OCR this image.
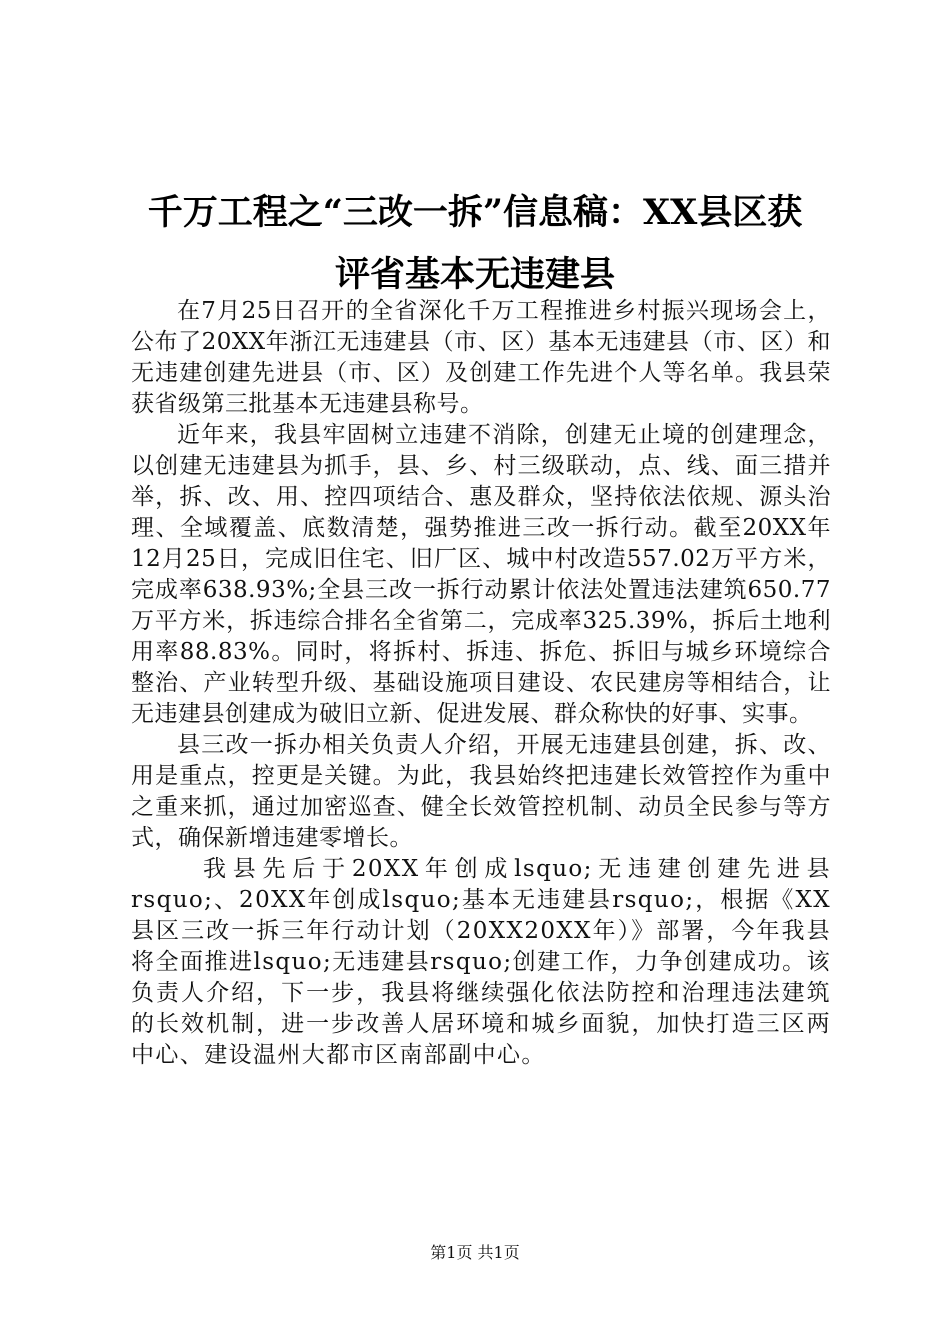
千万工程之“三改一拆”信息稿：XX县区获
评省基本无违建县

在7月25日召开的全省深化千万工程推进乡村振兴现场会上，公布了20XX年浙江无违建县（市、区）基本无违建县（市、区）和无违建创建先进县（市、区）及创建工作先进个人等名单。我县荣获省级第三批基本无违建县称号。

近年来，我县牢固树立违建不消除，创建无止境的创建理念，以创建无违建县为抓手，县、乡、村三级联动，点、线、面三措并举，拆、改、用、控四项结合、惠及群众，坚持依法依规、源头治理、全域覆盖、底数清楚，强势推进三改一拆行动。截至20XX年12月25日，完成旧住宅、旧厂区、城中村改造557.02万平方米，完成率638.93%;全县三改一拆行动累计依法处置违法建筑650.77万平方米，拆违综合排名全省第二，完成率325.39%，拆后土地利用率88.83%。同时，将拆村、拆违、拆危、拆旧与城乡环境综合整治、产业转型升级、基础设施项目建设、农民建房等相结合，让无违建县创建成为破旧立新、促进发展、群众称快的好事、实事。

县三改一拆办相关负责人介绍，开展无违建县创建，拆、改、用是重点，控更是关键。为此，我县始终把违建长效管控作为重中之重来抓，通过加密巡查、健全长效管控机制、动员全民参与等方式，确保新增违建零增长。

我县先后于20XX年创成lsquo;无违建创建先进县rsquo;、20XX年创成lsquo;基本无违建县rsquo;，根据《XX县区三改一拆三年行动计划（20XX20XX年）》部署，今年我县将全面推进lsquo;无违建县rsquo;创建工作，力争创建成功。该负责人介绍，下一步，我县将继续强化依法防控和治理违法建筑的长效机制，进一步改善人居环境和城乡面貌，加快打造三区两中心、建设温州大都市区南部副中心。

第1页 共1页
